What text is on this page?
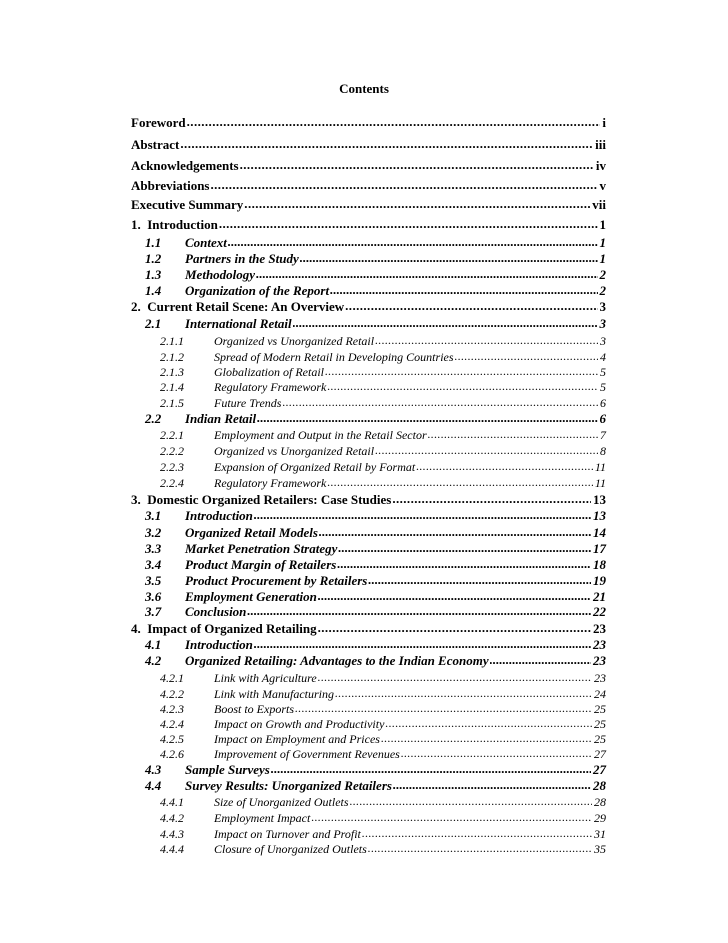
Contents
Foreword .....	i
Abstract .....	iii
Acknowledgements .....	iv
Abbreviations .....	v
Executive Summary .....	vii
1. Introduction .....	1
1.1	Context .....	1
1.2	Partners in the Study .....	1
1.3	Methodology .....	2
1.4	Organization of the Report .....	2
2. Current Retail Scene: An Overview .....	3
2.1	International Retail .....	3
2.1.1	Organized vs Unorganized Retail .....	3
2.1.2	Spread of Modern Retail in Developing Countries .....	4
2.1.3	Globalization of Retail .....	5
2.1.4	Regulatory Framework .....	5
2.1.5	Future Trends .....	6
2.2	Indian Retail .....	6
2.2.1	Employment and Output in the Retail Sector .....	7
2.2.2	Organized vs Unorganized Retail .....	8
2.2.3	Expansion of Organized Retail by Format .....	11
2.2.4	Regulatory Framework .....	11
3. Domestic Organized Retailers: Case Studies .....	13
3.1	Introduction .....	13
3.2	Organized Retail Models .....	14
3.3	Market Penetration Strategy .....	17
3.4	Product Margin of Retailers .....	18
3.5	Product Procurement by Retailers .....	19
3.6	Employment Generation .....	21
3.7	Conclusion .....	22
4. Impact of Organized Retailing .....	23
4.1	Introduction .....	23
4.2	Organized Retailing: Advantages to the Indian Economy .....	23
4.2.1	Link with Agriculture .....	23
4.2.2	Link with Manufacturing .....	24
4.2.3	Boost to Exports .....	25
4.2.4	Impact on Growth and Productivity .....	25
4.2.5	Impact on Employment and Prices .....	25
4.2.6	Improvement of Government Revenues .....	27
4.3	Sample Surveys .....	27
4.4	Survey Results: Unorganized Retailers .....	28
4.4.1	Size of Unorganized Outlets .....	28
4.4.2	Employment Impact .....	29
4.4.3	Impact on Turnover and Profit .....	31
4.4.4	Closure of Unorganized Outlets .....	35
